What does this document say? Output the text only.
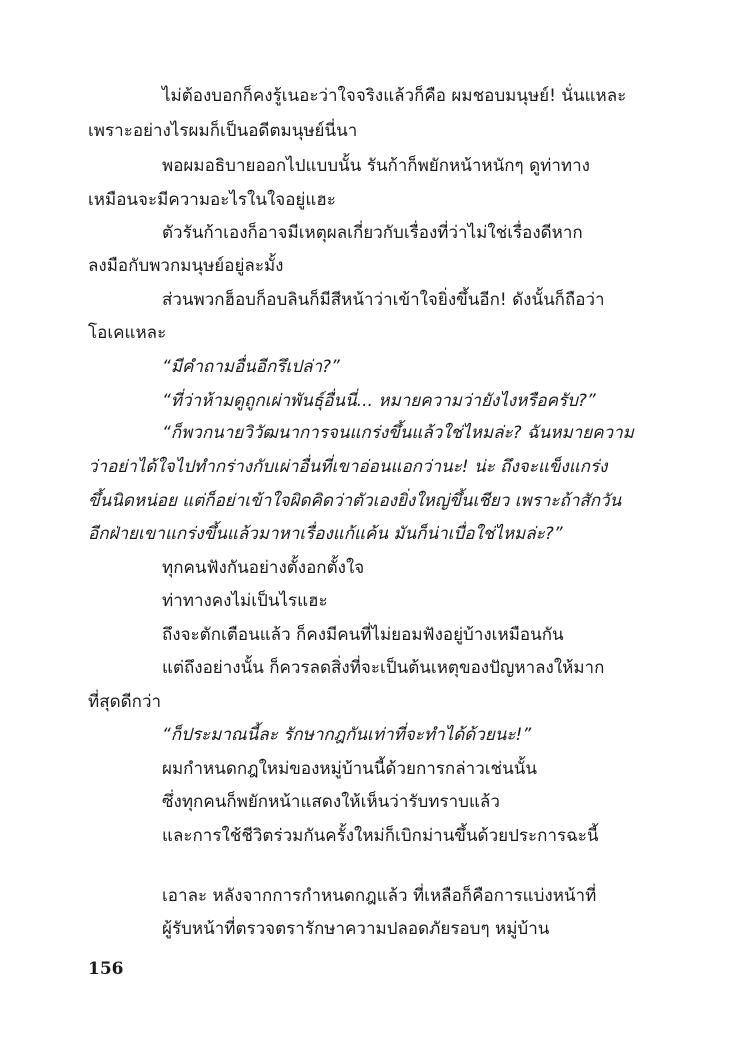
ไม่ต้องบอกก็คงรู้เนอะว่าใจจริงแล้วก็คือ ผมชอบมนุษย์! นั่นแหละ
เพราะอย่างไรผมก็เป็นอดีตมนุษย์นี่นา
พอผมอธิบายออกไปแบบนั้น รันก้าก็พยักหน้าหนักๆ ดูท่าทาง
เหมือนจะมีความอะไรในใจอยู่แฮะ
ตัวรันก้าเองก็อาจมีเหตุผลเกี่ยวกับเรื่องที่ว่าไม่ใช่เรื่องดีหาก
ลงมือกับพวกมนุษย์อยู่ละมั้ง
ส่วนพวกฮ็อบก็อบลินก็มีสีหน้าว่าเข้าใจยิ่งขึ้นอีก! ดังนั้นก็ถือว่า
โอเคแหละ
“มีคำถามอื่นอีกรึเปล่า?”
“ที่ว่าห้ามดูถูกเผ่าพันธุ์อื่นนี่... หมายความว่ายังไงหรือครับ?”
“ก็พวกนายวิวัฒนาการจนแกร่งขึ้นแล้วใช่ไหมล่ะ? ฉันหมายความ
ว่าอย่าได้ใจไปทำกร่างกับเผ่าอื่นที่เขาอ่อนแอกว่านะ! น่ะ ถึงจะแข็งแกร่ง
ขึ้นนิดหน่อย แต่ก็อย่าเข้าใจผิดคิดว่าตัวเองยิ่งใหญ่ขึ้นเชียว เพราะถ้าสักวัน
อีกฝ่ายเขาแกร่งขึ้นแล้วมาหาเรื่องแก้แค้น มันก็น่าเบื่อใช่ไหมล่ะ?”
ทุกคนฟังกันอย่างตั้งอกตั้งใจ
ท่าทางคงไม่เป็นไรแฮะ
ถึงจะตักเตือนแล้ว ก็คงมีคนที่ไม่ยอมฟังอยู่บ้างเหมือนกัน
แต่ถึงอย่างนั้น ก็ควรลดสิ่งที่จะเป็นต้นเหตุของปัญหาลงให้มาก
ที่สุดดีกว่า
“ก็ประมาณนี้ละ รักษากฎกันเท่าที่จะทำได้ด้วยนะ!”
ผมกำหนดกฎใหม่ของหมู่บ้านนี้ด้วยการกล่าวเช่นนั้น
ซึ่งทุกคนก็พยักหน้าแสดงให้เห็นว่ารับทราบแล้ว
และการใช้ชีวิตร่วมกันครั้งใหม่ก็เบิกม่านขึ้นด้วยประการฉะนี้
เอาละ หลังจากการกำหนดกฎแล้ว ที่เหลือก็คือการแบ่งหน้าที่
ผู้รับหน้าที่ตรวจตรารักษาความปลอดภัยรอบๆ หมู่บ้าน
156
